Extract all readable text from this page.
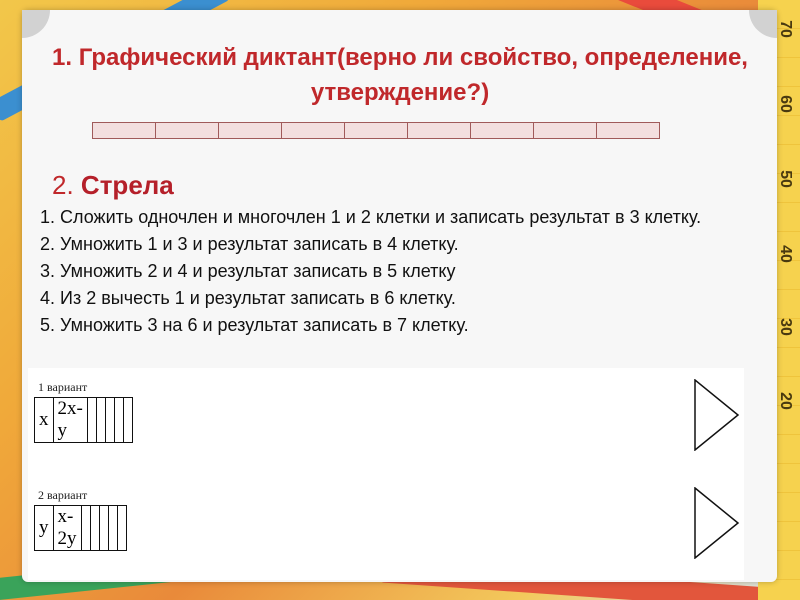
70
60
50
40
30
20
1. Графический диктант(верно ли свойство, определение, утверждение?)

2. Стрела
1. Сложить одночлен и многочлен 1 и 2 клетки и записать результат в 3 клетку.
2. Умножить 1 и 3 и результат записать в 4 клетку.
3. Умножить 2 и 4 и результат записать в 5 клетку
4. Из 2 вычесть 1 и результат записать в 6 клетку.
5. Умножить 3 на 6 и результат записать в 7 клетку.
1 вариант
x	2x-y					
2 вариант
y	x-2y					
